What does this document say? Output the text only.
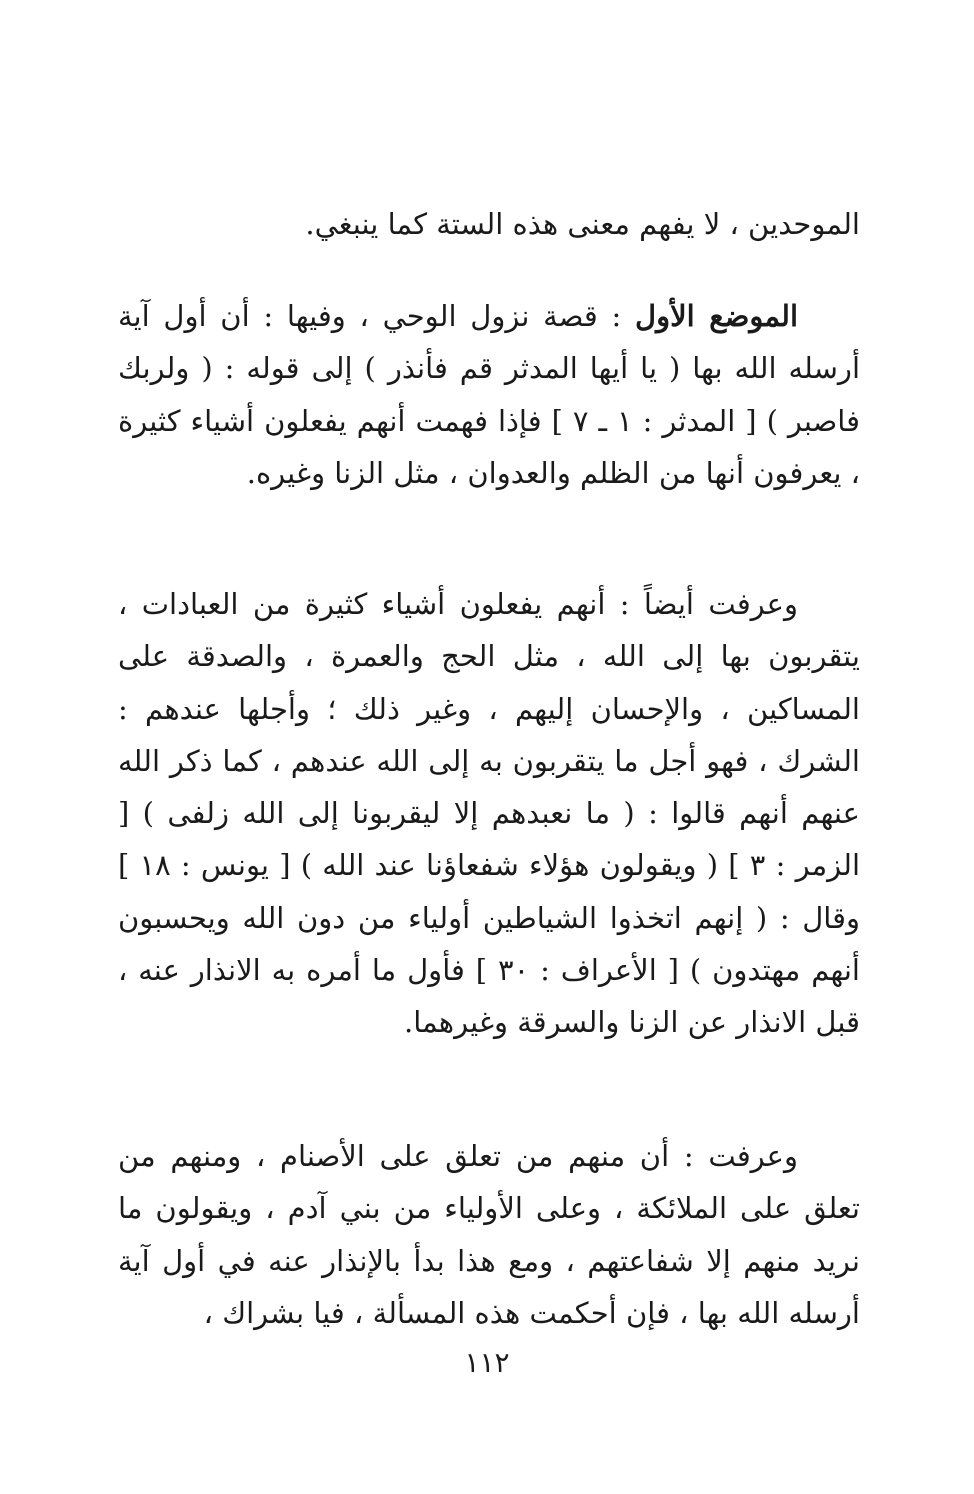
الموحدين ، لا يفهم معنى هذه الستة كما ينبغي.

الموضع الأول : قصة نزول الوحي ، وفيها : أن أول آية أرسله الله بها ( يا أيها المدثر قم فأنذر ) إلى قوله : ( ولربك فاصبر ) [ المدثر : ١ ـ ٧ ] فإذا فهمت أنهم يفعلون أشياء كثيرة ، يعرفون أنها من الظلم والعدوان ، مثل الزنا وغيره.

وعرفت أيضاً : أنهم يفعلون أشياء كثيرة من العبادات ، يتقربون بها إلى الله ، مثل الحج والعمرة ، والصدقة على المساكين ، والإحسان إليهم ، وغير ذلك ؛ وأجلها عندهم : الشرك ، فهو أجل ما يتقربون به إلى الله عندهم ، كما ذكر الله عنهم أنهم قالوا : ( ما نعبدهم إلا ليقربونا إلى الله زلفى ) [ الزمر : ٣ ] ( ويقولون هؤلاء شفعاؤنا عند الله ) [ يونس : ١٨ ] وقال : ( إنهم اتخذوا الشياطين أولياء من دون الله ويحسبون أنهم مهتدون ) [ الأعراف : ٣٠ ] فأول ما أمره به الانذار عنه ، قبل الانذار عن الزنا والسرقة وغيرهما.

وعرفت : أن منهم من تعلق على الأصنام ، ومنهم من تعلق على الملائكة ، وعلى الأولياء من بني آدم ، ويقولون ما نريد منهم إلا شفاعتهم ، ومع هذا بدأ بالإنذار عنه في أول آية أرسله الله بها ، فإن أحكمت هذه المسألة ، فيا بشراك ،

١١٢
